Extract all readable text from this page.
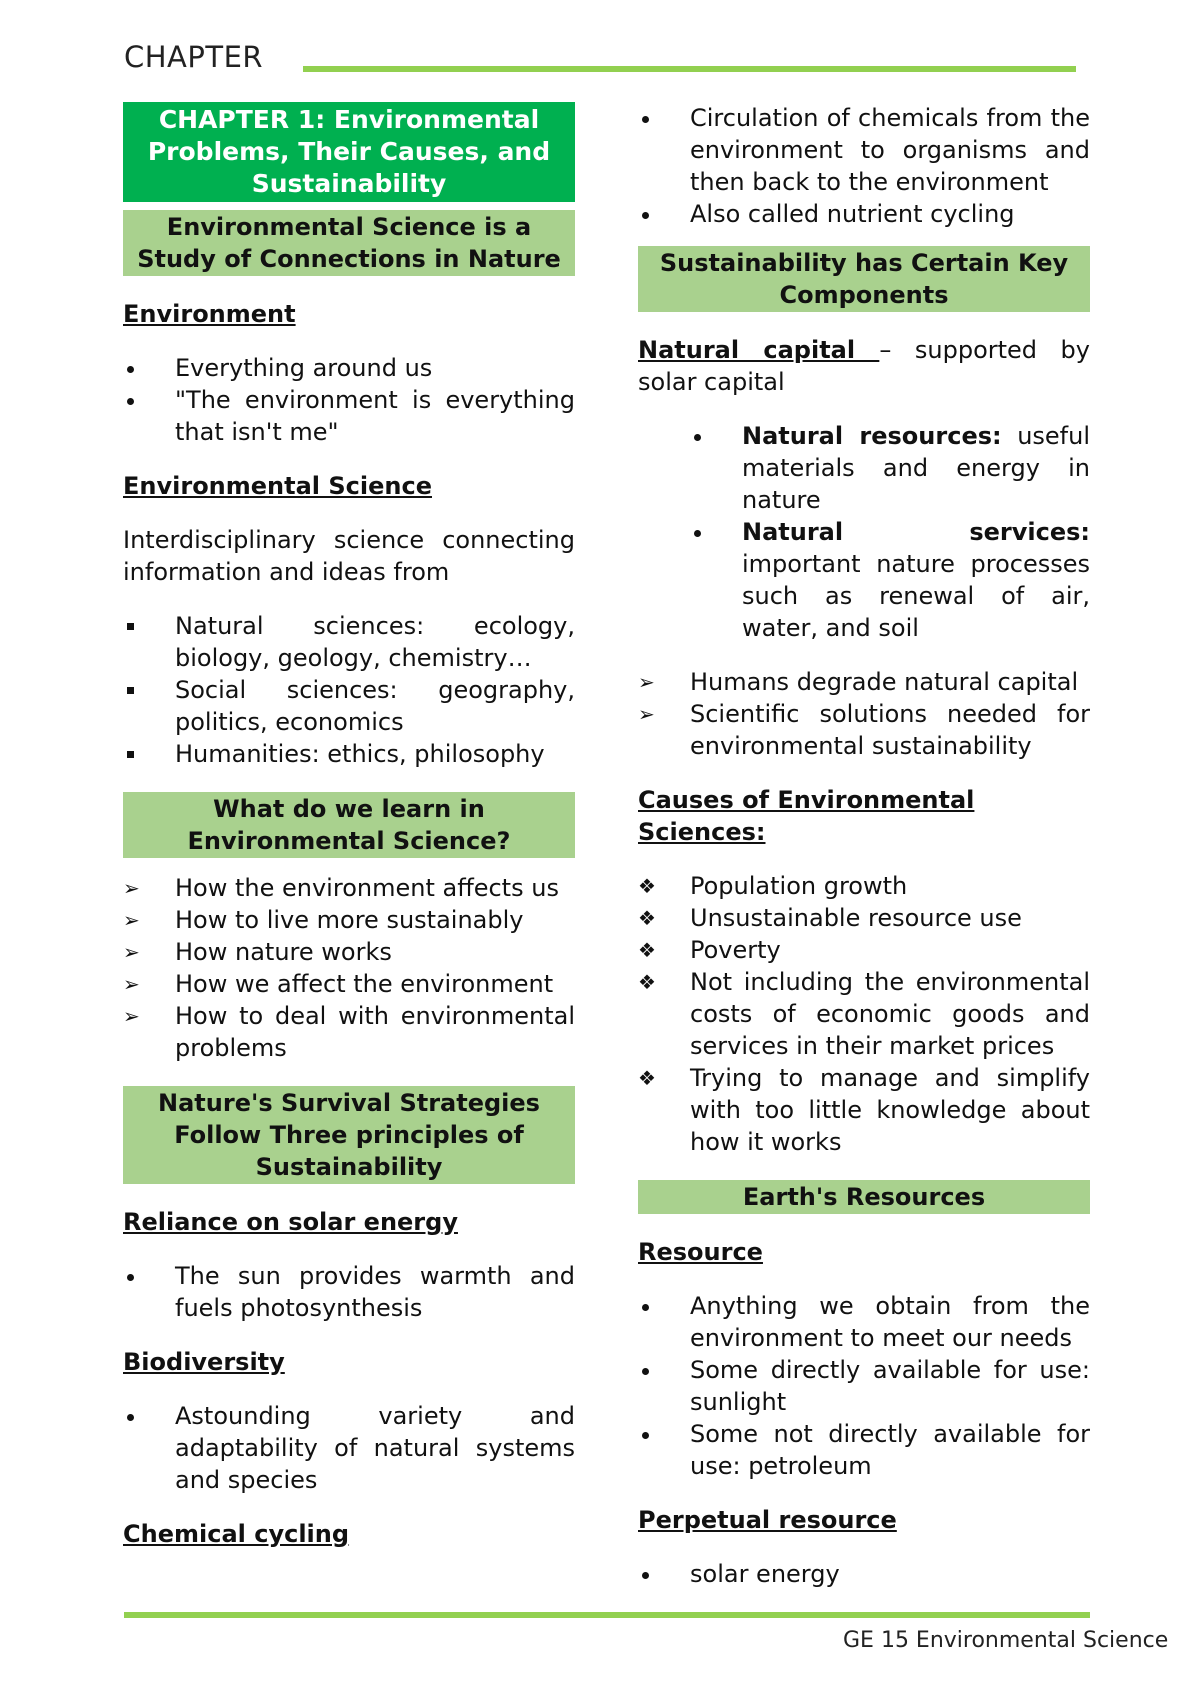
CHAPTER
CHAPTER 1: Environmental Problems, Their Causes, and Sustainability
Environmental Science is a Study of Connections in Nature
Environment
Everything around us
"The environment is everything that isn't me"
Environmental Science
Interdisciplinary science connecting information and ideas from
Natural sciences: ecology, biology, geology, chemistry…
Social sciences: geography, politics, economics
Humanities: ethics, philosophy
What do we learn in Environmental Science?
➢	How the environment affects us
➢	How to live more sustainably
➢	How nature works
➢	How we affect the environment
➢	How to deal with environmental problems
Nature's Survival Strategies Follow Three principles of Sustainability
Reliance on solar energy
The sun provides warmth and fuels photosynthesis
Biodiversity
Astounding variety and adaptability of natural systems and species
Chemical cycling
Circulation of chemicals from the environment to organisms and then back to the environment
Also called nutrient cycling
Sustainability has Certain Key Components
Natural capital – supported by solar capital
Natural resources: useful materials and energy in nature
Natural services: important nature processes such as renewal of air, water, and soil
➢	Humans degrade natural capital
➢	Scientific solutions needed for environmental sustainability
Causes of Environmental Sciences:
❖	Population growth
❖	Unsustainable resource use
❖	Poverty
❖	Not including the environmental costs of economic goods and services in their market prices
❖	Trying to manage and simplify with too little knowledge about how it works
Earth's Resources
Resource
Anything we obtain from the environment to meet our needs
Some directly available for use: sunlight
Some not directly available for use: petroleum
Perpetual resource
solar energy
GE 15 Environmental Science
